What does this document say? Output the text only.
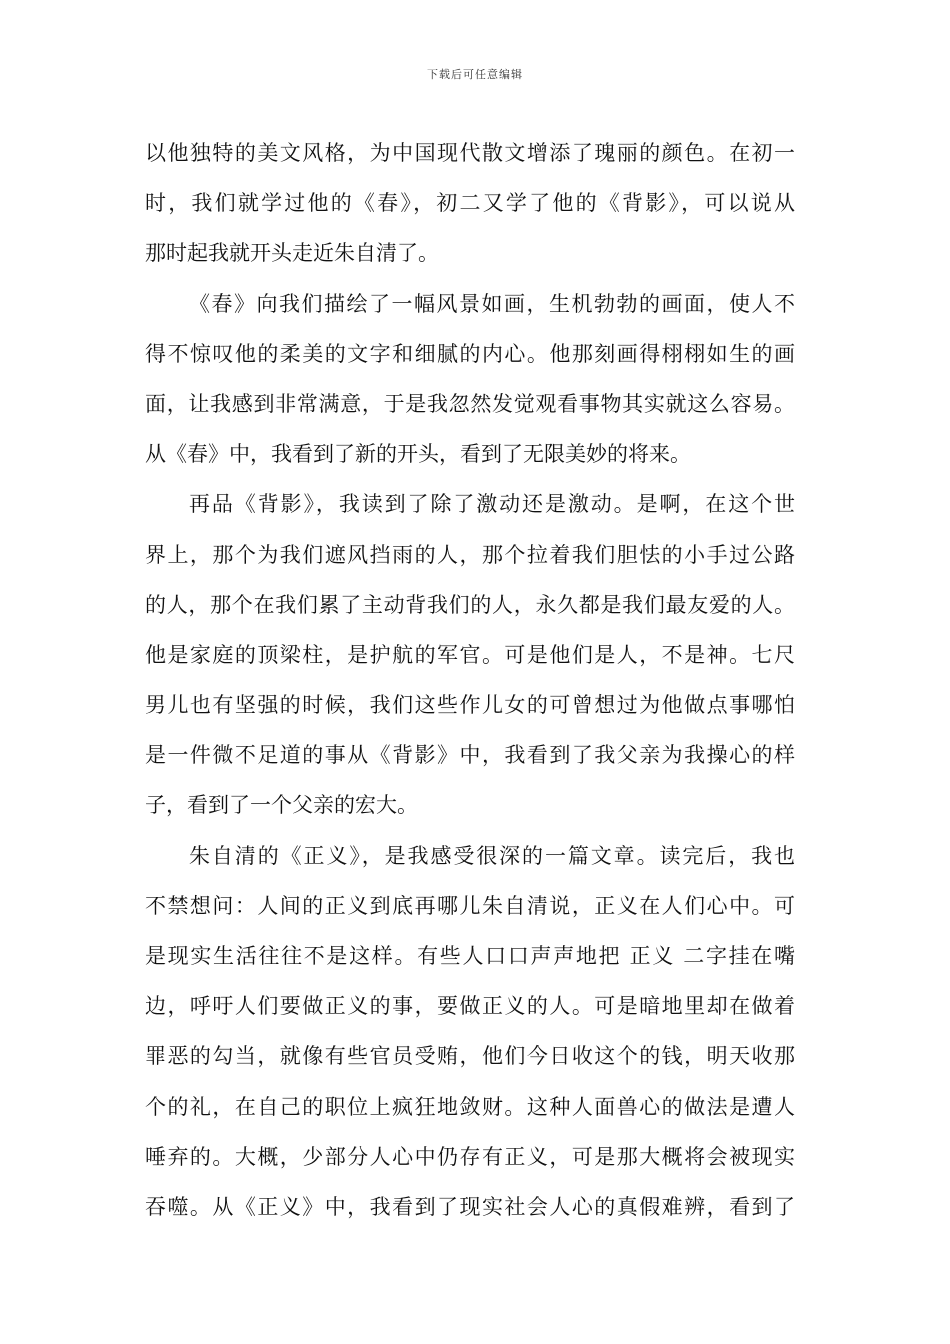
下载后可任意编辑
以他独特的美文风格，为中国现代散文增添了瑰丽的颜色。在初一
时，我们就学过他的《春》，初二又学了他的《背影》，可以说从
那时起我就开头走近朱自清了。
《春》向我们描绘了一幅风景如画，生机勃勃的画面，使人不
得不惊叹他的柔美的文字和细腻的内心。他那刻画得栩栩如生的画
面，让我感到非常满意，于是我忽然发觉观看事物其实就这么容易。
从《春》中，我看到了新的开头，看到了无限美妙的将来。
再品《背影》，我读到了除了激动还是激动。是啊，在这个世
界上，那个为我们遮风挡雨的人，那个拉着我们胆怯的小手过公路
的人，那个在我们累了主动背我们的人，永久都是我们最友爱的人。
他是家庭的顶梁柱，是护航的军官。可是他们是人，不是神。七尺
男儿也有坚强的时候，我们这些作儿女的可曾想过为他做点事哪怕
是一件微不足道的事从《背影》中，我看到了我父亲为我操心的样
子，看到了一个父亲的宏大。
朱自清的《正义》，是我感受很深的一篇文章。读完后，我也
不禁想问：人间的正义到底再哪儿朱自清说，正义在人们心中。可
是现实生活往往不是这样。有些人口口声声地把 正义 二字挂在嘴
边，呼吁人们要做正义的事，要做正义的人。可是暗地里却在做着
罪恶的勾当，就像有些官员受贿，他们今日收这个的钱，明天收那
个的礼，在自己的职位上疯狂地敛财。这种人面兽心的做法是遭人
唾弃的。大概，少部分人心中仍存有正义，可是那大概将会被现实
吞噬。从《正义》中，我看到了现实社会人心的真假难辨，看到了
